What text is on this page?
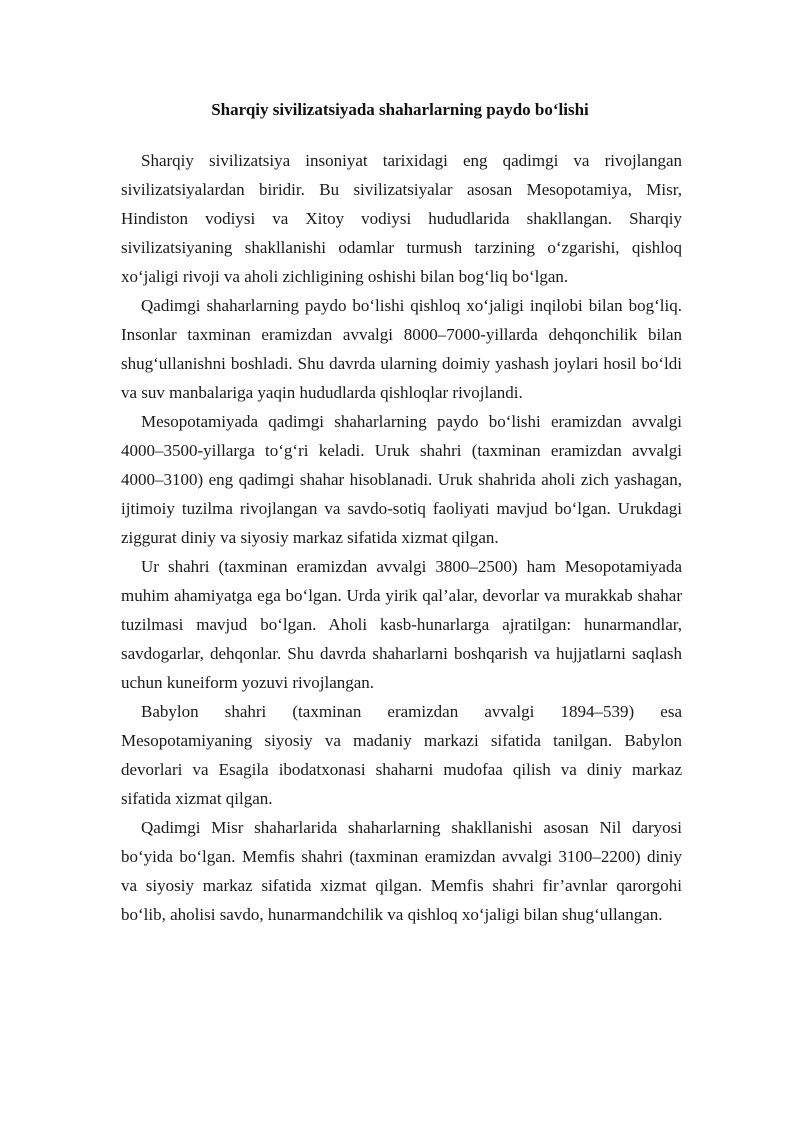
Sharqiy sivilizatsiyada shaharlarning paydo bo‘lishi

Sharqiy sivilizatsiya insoniyat tarixidagi eng qadimgi va rivojlangan sivilizatsiyalardan biridir. Bu sivilizatsiyalar asosan Mesopotamiya, Misr, Hindiston vodiysi va Xitoy vodiysi hududlarida shakllangan. Sharqiy sivilizatsiyaning shakllanishi odamlar turmush tarzining o‘zgarishi, qishloq xo‘jaligi rivoji va aholi zichligining oshishi bilan bog‘liq bo‘lgan.

Qadimgi shaharlarning paydo bo‘lishi qishloq xo‘jaligi inqilobi bilan bog‘liq. Insonlar taxminan eramizdan avvalgi 8000–7000-yillarda dehqonchilik bilan shug‘ullanishni boshladi. Shu davrda ularning doimiy yashash joylari hosil bo‘ldi va suv manbalariga yaqin hududlarda qishloqlar rivojlandi.

Mesopotamiyada qadimgi shaharlarning paydo bo‘lishi eramizdan avvalgi 4000–3500-yillarga to‘g‘ri keladi. Uruk shahri (taxminan eramizdan avvalgi 4000–3100) eng qadimgi shahar hisoblanadi. Uruk shahrida aholi zich yashagan, ijtimoiy tuzilma rivojlangan va savdo-sotiq faoliyati mavjud bo‘lgan. Urukdagi ziggurat diniy va siyosiy markaz sifatida xizmat qilgan.

Ur shahri (taxminan eramizdan avvalgi 3800–2500) ham Mesopotamiyada muhim ahamiyatga ega bo‘lgan. Urda yirik qal’alar, devorlar va murakkab shahar tuzilmasi mavjud bo‘lgan. Aholi kasb-hunarlarga ajratilgan: hunarmandlar, savdogarlar, dehqonlar. Shu davrda shaharlarni boshqarish va hujjatlarni saqlash uchun kuneiform yozuvi rivojlangan.

Babylon shahri (taxminan eramizdan avvalgi 1894–539) esa Mesopotamiyaning siyosiy va madaniy markazi sifatida tanilgan. Babylon devorlari va Esagila ibodatxonasi shaharni mudofaa qilish va diniy markaz sifatida xizmat qilgan.

Qadimgi Misr shaharlarida shaharlarning shakllanishi asosan Nil daryosi bo‘yida bo‘lgan. Memfis shahri (taxminan eramizdan avvalgi 3100–2200) diniy va siyosiy markaz sifatida xizmat qilgan. Memfis shahri fir’avnlar qarorgohi bo‘lib, aholisi savdo, hunarmandchilik va qishloq xo‘jaligi bilan shug‘ullangan.
